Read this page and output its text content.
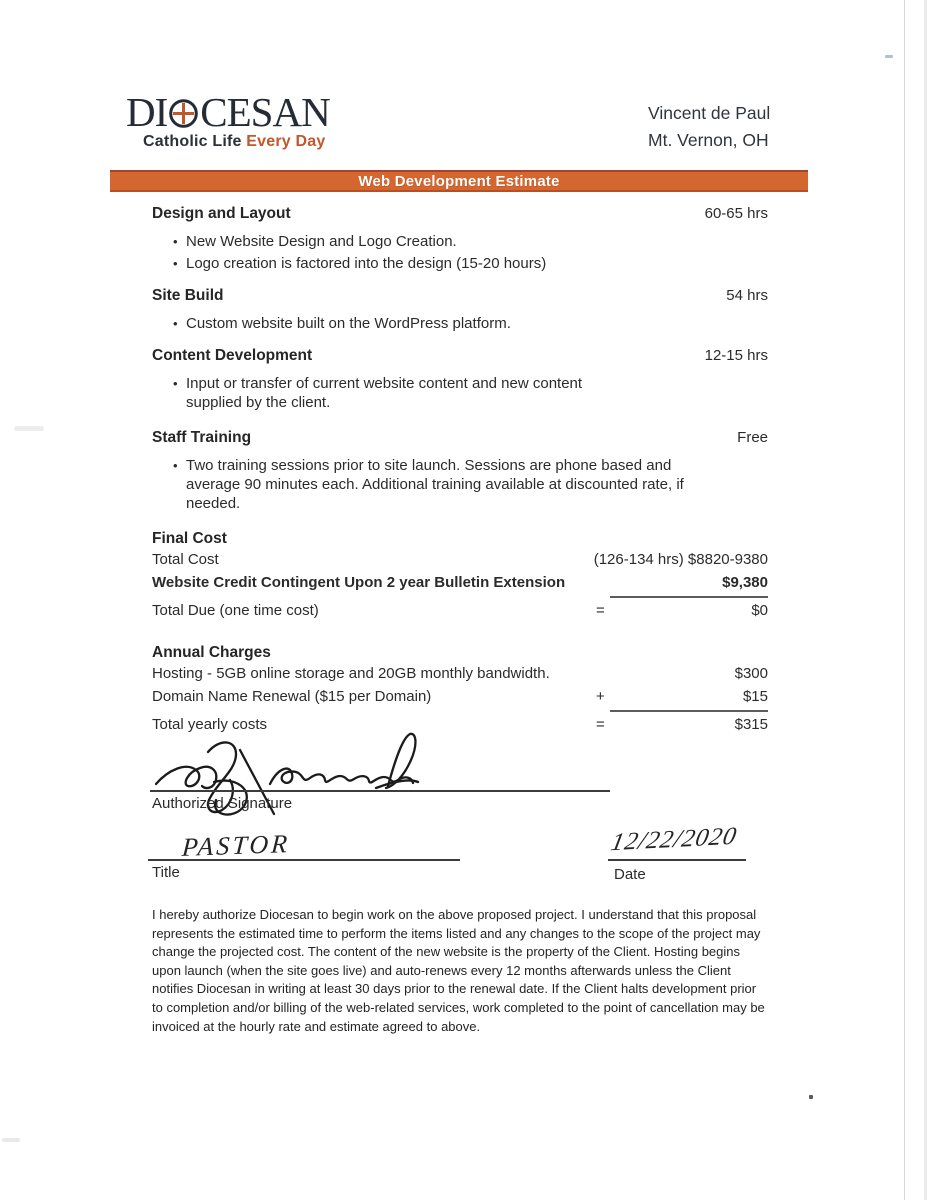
DI CESAN
Catholic Life Every Day
Vincent de Paul
Mt. Vernon, OH
Web Development Estimate
Design and Layout	60-65 hrs
• New Website Design and Logo Creation.
• Logo creation is factored into the design (15-20 hours)
Site Build	54 hrs
• Custom website built on the WordPress platform.
Content Development	12-15 hrs
• Input or transfer of current website content and new content supplied by the client.
Staff Training	Free
• Two training sessions prior to site launch. Sessions are phone based and average 90 minutes each. Additional training available at discounted rate, if needed.
Final Cost
Total Cost	(126-134 hrs) $8820-9380
Website Credit Contingent Upon 2 year Bulletin Extension	$9,380
Total Due (one time cost)	=	$0
Annual Charges
Hosting - 5GB online storage and 20GB monthly bandwidth.	$300
Domain Name Renewal ($15 per Domain)	+	$15
Total yearly costs	=	$315
Authorized Signature
PASTOR
Title
12/22/2020
Date
I hereby authorize Diocesan to begin work on the above proposed project. I understand that this proposal represents the estimated time to perform the items listed and any changes to the scope of the project may change the projected cost. The content of the new website is the property of the Client. Hosting begins upon launch (when the site goes live) and auto-renews every 12 months afterwards unless the Client notifies Diocesan in writing at least 30 days prior to the renewal date. If the Client halts development prior to completion and/or billing of the web-related services, work completed to the point of cancellation may be invoiced at the hourly rate and estimate agreed to above.
